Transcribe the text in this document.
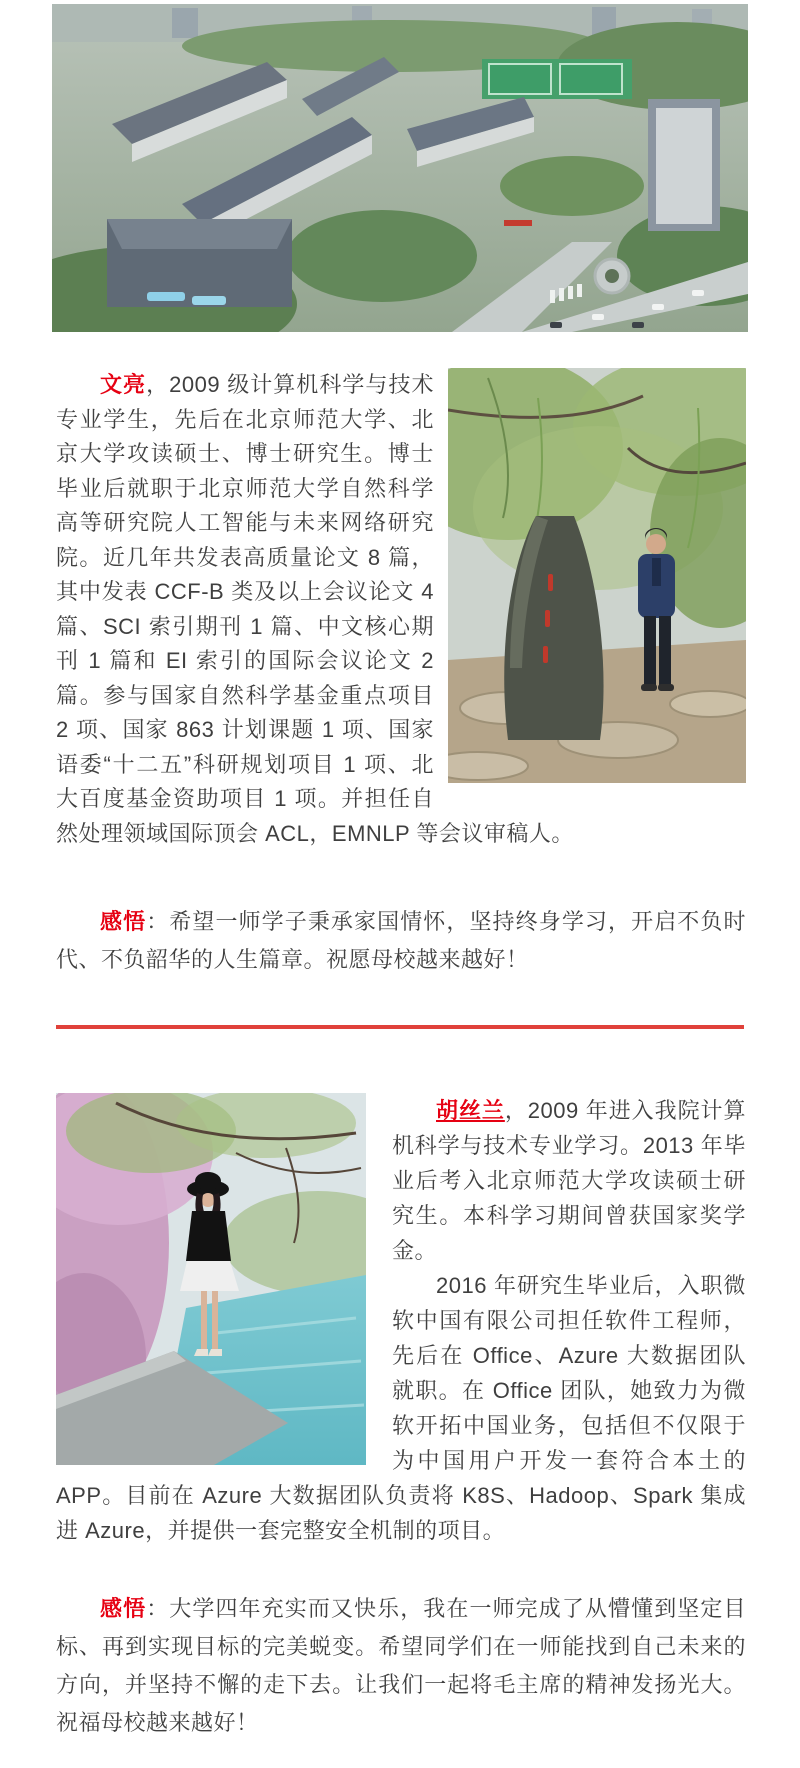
文亮，2009 级计算机科学与技术专业学生，先后在北京师范大学、北京大学攻读硕士、博士研究生。博士毕业后就职于北京师范大学自然科学高等研究院人工智能与未来网络研究院。近几年共发表高质量论文 8 篇，其中发表 CCF-B 类及以上会议论文 4 篇、SCI 索引期刊 1 篇、中文核心期刊 1 篇和 EI 索引的国际会议论文 2 篇。参与国家自然科学基金重点项目 2 项、国家 863 计划课题 1 项、国家语委“十二五”科研规划项目 1 项、北大百度基金资助项目 1 项。并担任自然处理领域国际顶会 ACL，EMNLP 等会议审稿人。

感悟：希望一师学子秉承家国情怀，坚持终身学习，开启不负时代、不负韶华的人生篇章。祝愿母校越来越好！

胡丝兰，2009 年进入我院计算机科学与技术专业学习。2013 年毕业后考入北京师范大学攻读硕士研究生。本科学习期间曾获国家奖学金。

2016 年研究生毕业后，入职微软中国有限公司担任软件工程师，先后在 Office、Azure 大数据团队就职。在 Office 团队，她致力为微软开拓中国业务，包括但不仅限于为中国用户开发一套符合本土的 APP。目前在 Azure 大数据团队负责将 K8S、Hadoop、Spark 集成进 Azure，并提供一套完整安全机制的项目。

感悟：大学四年充实而又快乐，我在一师完成了从懵懂到坚定目标、再到实现目标的完美蜕变。希望同学们在一师能找到自己未来的方向，并坚持不懈的走下去。让我们一起将毛主席的精神发扬光大。祝福母校越来越好！
